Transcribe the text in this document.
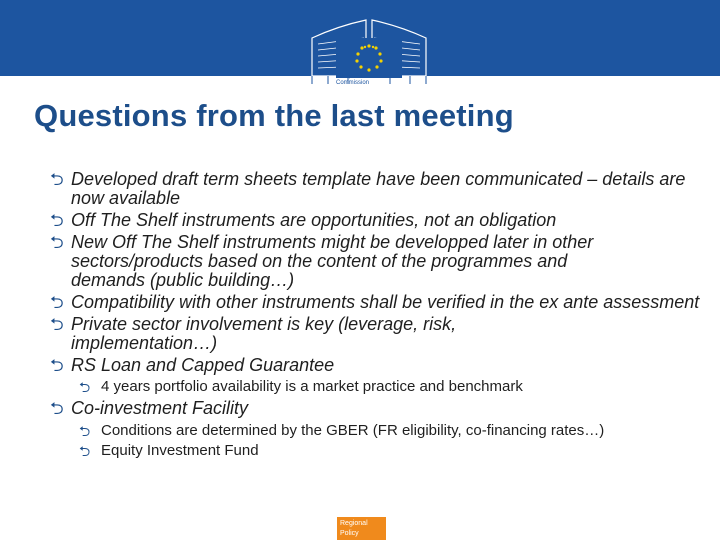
European
Commission
Questions from the last meeting
⮌ Developed draft term sheets template have been communicated – details are now available
⮌ Off The Shelf instruments are opportunities, not an obligation
⮌ New Off The Shelf instruments might be developped later in other sectors/products based on the content of the programmes and demands (public building…)
⮌ Compatibility with other instruments shall be verified in the ex ante assessment
⮌ Private sector involvement is key (leverage, risk, implementation…)
⮌ RS Loan and Capped Guarantee
⮌ 4 years portfolio availability is a market practice and benchmark
⮌ Co-investment Facility
⮌ Conditions are determined by the GBER (FR eligibility, co-financing rates…)
⮌ Equity Investment Fund
Regional
Policy
